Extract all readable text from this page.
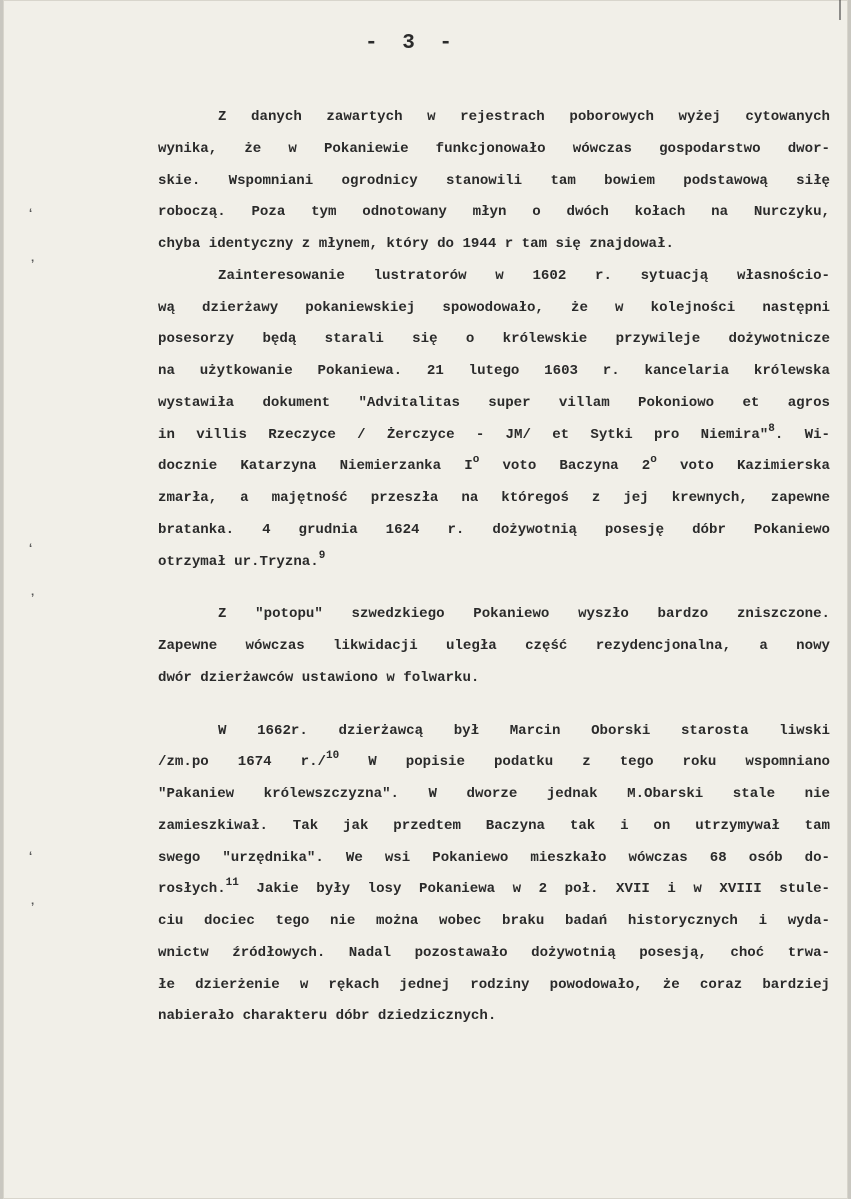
- 3 -
ʻ
ʼ
ʻ
ʼ
ʻ
ʼ
Z danych zawartych w rejestrach poborowych wyżej cytowanych
wynika, że w Pokaniewie funkcjonowało wówczas gospodarstwo dwor-
skie. Wspomniani ogrodnicy stanowili tam bowiem podstawową siłę
roboczą. Poza tym odnotowany młyn o dwóch kołach na Nurczyku,
chyba identyczny z młynem, który do 1944 r tam się znajdował.
Zainteresowanie lustratorów w 1602 r. sytuacją własnościo-
wą dzierżawy pokaniewskiej spowodowało, że w kolejności następni
posesorzy będą starali się o królewskie przywileje dożywotnicze
na użytkowanie Pokaniewa. 21 lutego 1603 r. kancelaria królewska
wystawiła dokument "Advitalitas super villam Pokoniowo et agros
in villis Rzeczyce / Żerczyce - JM/ et Sytki pro Niemira"$^8$. Wi-
docznie Katarzyna Niemierzanka $I^o$ voto Baczyna 2$^o$ voto Kazimierska
zmarła, a majętność przeszła na któregoś z jej krewnych, zapewne
bratanka. 4 grudnia 1624 r. dożywotnią posesję dóbr Pokaniewo
otrzymał ur.Tryzna.$^9$
Z "potopu" szwedzkiego Pokaniewo wyszło bardzo zniszczone.
Zapewne wówczas likwidacji uległa część rezydencjonalna, a nowy
dwór dzierżawców ustawiono w folwarku.
W 1662r. dzierżawcą był Marcin Oborski starosta liwski
/zm.po 1674 r./$^{10}$ W popisie podatku z tego roku wspomniano
"Pakaniew królewszczyzna". W dworze jednak M.Obarski stale nie
zamieszkiwał. Tak jak przedtem Baczyna tak i on utrzymywał tam
swego "urzędnika". We wsi Pokaniewo mieszkało wówczas 68 osób do-
rosłych.$^{11}$ Jakie były losy Pokaniewa w 2 poł. XVII i w XVIII stule-
ciu dociec tego nie można wobec braku badań historycznych i wyda-
wnictw źródłowych. Nadal pozostawało dożywotnią posesją, choć trwa-
łe dzierżenie w rękach jednej rodziny powodowało, że coraz bardziej
nabierało charakteru dóbr dziedzicznych.
